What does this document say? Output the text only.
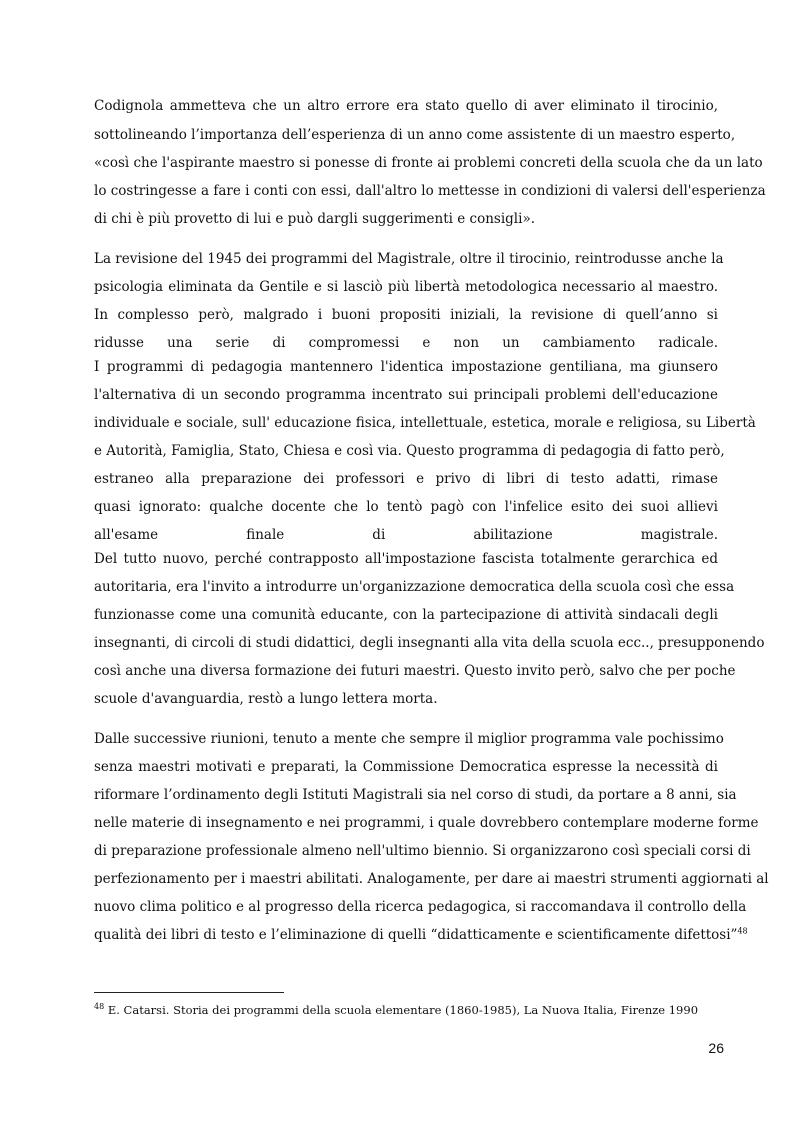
Codignola ammetteva che un altro errore era stato quello di aver eliminato il tirocinio,
sottolineando l’importanza dell’esperienza di un anno come assistente di un maestro esperto,
«così che l'aspirante maestro si ponesse di fronte ai problemi concreti della scuola che da un lato
lo costringesse a fare i conti con essi, dall'altro lo mettesse in condizioni di valersi dell'esperienza
di chi è più provetto di lui e può dargli suggerimenti e consigli».
La revisione del 1945 dei programmi del Magistrale, oltre il tirocinio, reintrodusse anche la
psicologia eliminata da Gentile e si lasciò più libertà metodologica necessario al maestro.
In complesso però, malgrado i buoni propositi iniziali, la revisione di quell’anno si
ridusse una serie di compromessi e non un cambiamento radicale.
I programmi di pedagogia mantennero l'identica impostazione gentiliana, ma giunsero
l'alternativa di un secondo programma incentrato sui principali problemi dell'educazione
individuale e sociale, sull' educazione fisica, intellettuale, estetica, morale e religiosa, su Libertà
e Autorità, Famiglia, Stato, Chiesa e così via. Questo programma di pedagogia di fatto però,
estraneo alla preparazione dei professori e privo di libri di testo adatti, rimase
quasi ignorato: qualche docente che lo tentò pagò con l'infelice esito dei suoi allievi
all'esame finale di abilitazione magistrale.
Del tutto nuovo, perché contrapposto all'impostazione fascista totalmente gerarchica ed
autoritaria, era l'invito a introdurre un'organizzazione democratica della scuola così che essa
funzionasse come una comunità educante, con la partecipazione di attività sindacali degli
insegnanti, di circoli di studi didattici, degli insegnanti alla vita della scuola ecc.., presupponendo
così anche una diversa formazione dei futuri maestri. Questo invito però, salvo che per poche
scuole d'avanguardia, restò a lungo lettera morta.
Dalle successive riunioni, tenuto a mente che sempre il miglior programma vale pochissimo
senza maestri motivati e preparati, la Commissione Democratica espresse la necessità di
riformare l’ordinamento degli Istituti Magistrali sia nel corso di studi, da portare a 8 anni, sia
nelle materie di insegnamento e nei programmi, i quale dovrebbero contemplare moderne forme
di preparazione professionale almeno nell'ultimo biennio. Si organizzarono così speciali corsi di
perfezionamento per i maestri abilitati. Analogamente, per dare ai maestri strumenti aggiornati al
nuovo clima politico e al progresso della ricerca pedagogica, si raccomandava il controllo della
qualità dei libri di testo e l’eliminazione di quelli “didatticamente e scientificamente difettosi”$^{48}$
$^{48}$ E. Catarsi. Storia dei programmi della scuola elementare (1860-1985), La Nuova Italia, Firenze 1990
26
